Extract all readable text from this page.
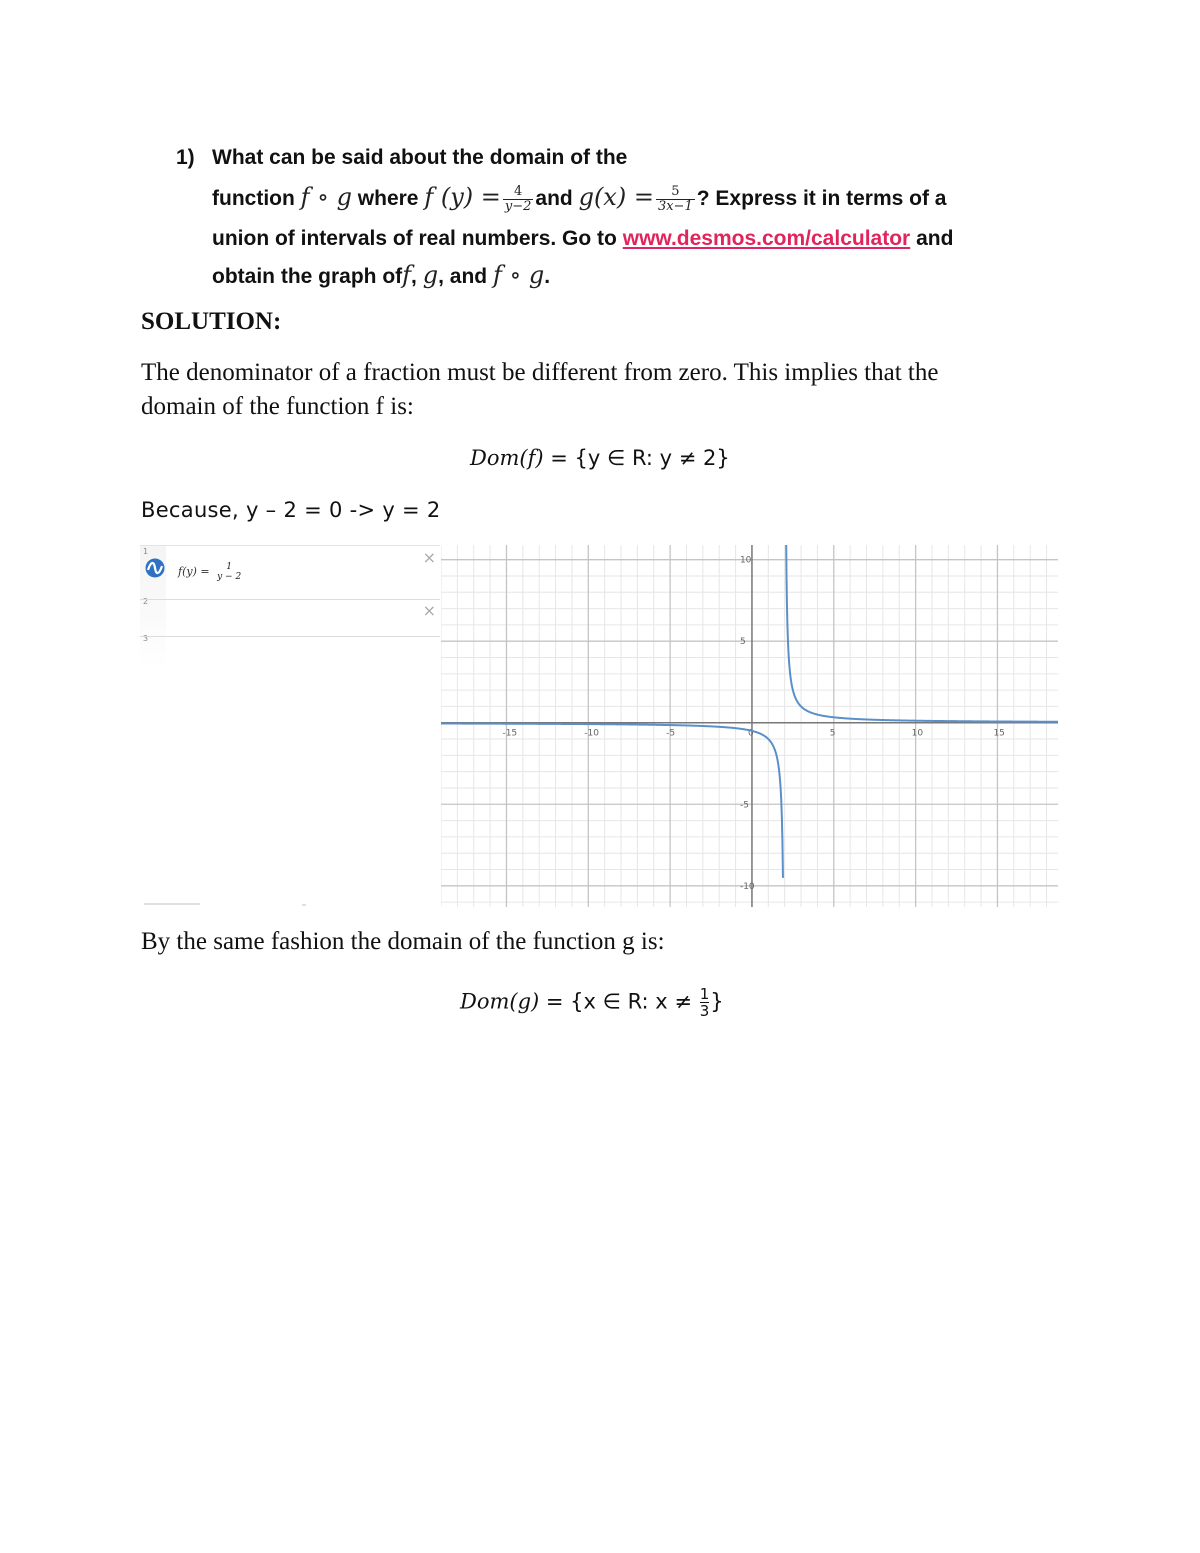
1) What can be said about the domain of the
function f ∘ g where f $(y) = \frac{4}{y-2}$ and $g(x) = \frac{5}{3x-1}$ ? Express it in terms of a
union of intervals of real numbers. Go to www.desmos.com/calculator and
obtain the graph off, g, and f ∘ g.
SOLUTION:
The denominator of a fraction must be different from zero. This implies that the
domain of the function f is:
Dom(f) = {y ∈ R: y ≠ 2}
Because, y – 2 = 0 -> y = 2
1
2
3
f(y) =	1
y − 2
×
×
-15	-10	-5	0	5	10	15
10
5
-5
-10
By the same fashion the domain of the function g is:
Dom(g) = {x ∈ R: $x \ne \frac{1}{3}$ }
